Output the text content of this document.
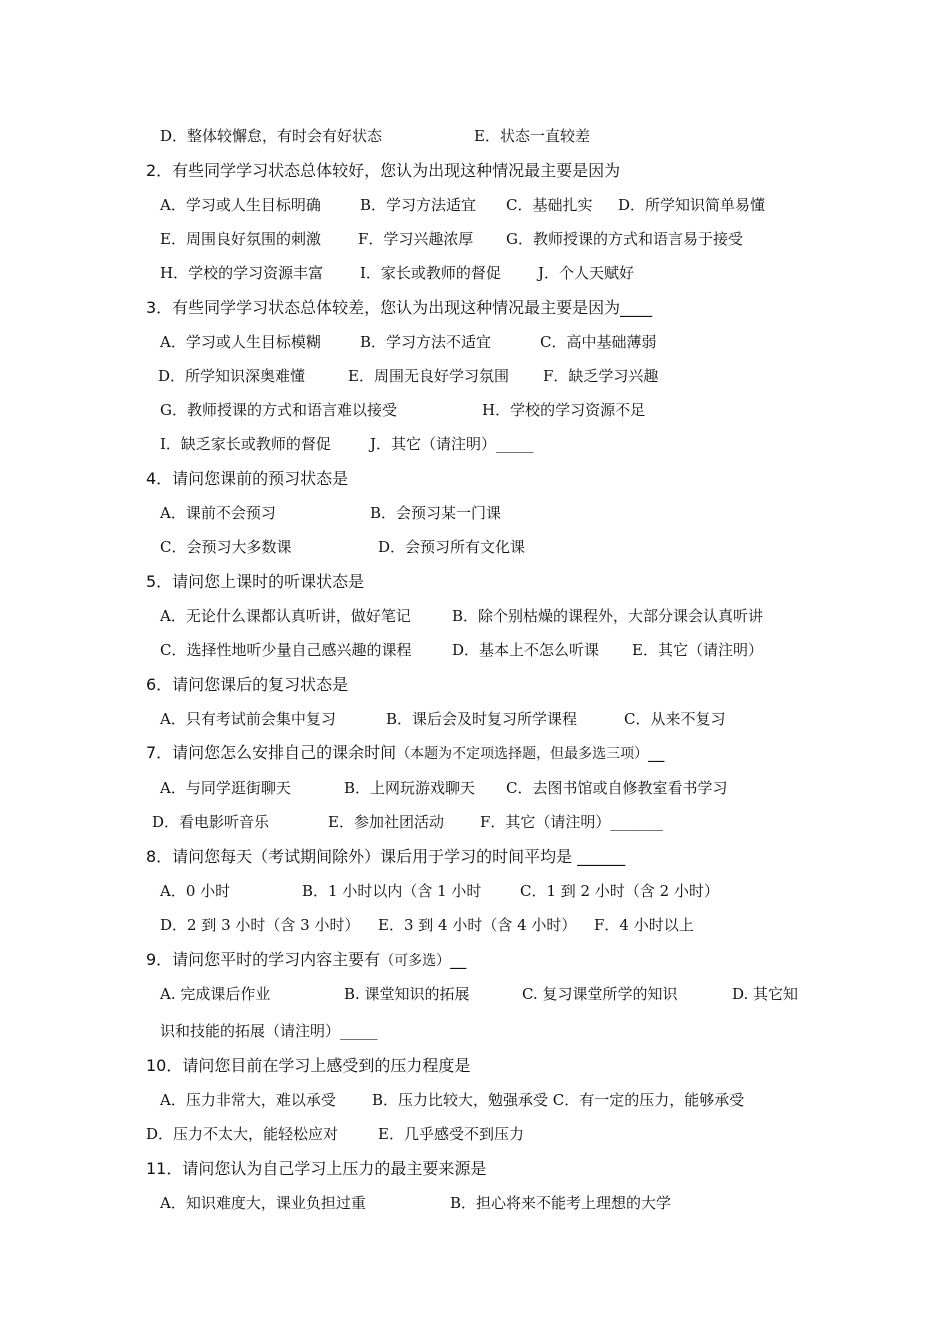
D．整体较懈怠，有时会有好状态	E．状态一直较差
2．有些同学学习状态总体较好，您认为出现这种情况最主要是因为
A．学习或人生目标明确	B．学习方法适宜 C．基础扎实 D．所学知识简单易懂
E．周围良好氛围的刺激 F．学习兴趣浓厚 G．教师授课的方式和语言易于接受
H．学校的学习资源丰富 I．家长或教师的督促 J．个人天赋好
3．有些同学学习状态总体较差，您认为出现这种情况最主要是因为____
A．学习或人生目标模糊	B．学习方法不适宜	C．高中基础薄弱
D．所学知识深奥难懂	E．周围无良好学习氛围 F．缺乏学习兴趣
G．教师授课的方式和语言难以接受	H．学校的学习资源不足
I．缺乏家长或教师的督促	J．其它（请注明）_____
4．请问您课前的预习状态是
A．课前不会预习	B．会预习某一门课
C．会预习大多数课	D．会预习所有文化课
5．请问您上课时的听课状态是
A．无论什么课都认真听讲，做好笔记	B．除个别枯燥的课程外，大部分课会认真听讲
C．选择性地听少量自己感兴趣的课程	D．基本上不怎么听课 E．其它（请注明）
6．请问您课后的复习状态是
A．只有考试前会集中复习	B．课后会及时复习所学课程	C．从来不复习
7．请问您怎么安排自己的课余时间（本题为不定项选择题，但最多选三项）__
A．与同学逛街聊天	B．上网玩游戏聊天 C．去图书馆或自修教室看书学习
D．看电影听音乐	E．参加社团活动 F．其它（请注明）_______
8．请问您每天（考试期间除外）课后用于学习的时间平均是 ______
A．0 小时	B．1 小时以内（含 1 小时	C．1 到 2 小时（含 2 小时）
D．2 到 3 小时（含 3 小时） E．3 到 4 小时（含 4 小时） F．4 小时以上
9．请问您平时的学习内容主要有（可多选）__
A. 完成课后作业	B. 课堂知识的拓展	C. 复习课堂所学的知识	D. 其它知
识和技能的拓展（请注明）_____
10．请问您目前在学习上感受到的压力程度是
A．压力非常大，难以承受 B．压力比较大，勉强承受 C．有一定的压力，能够承受
D．压力不太大，能轻松应对	E．几乎感受不到压力
11．请问您认为自己学习上压力的最主要来源是
A．知识难度大，课业负担过重	B．担心将来不能考上理想的大学
